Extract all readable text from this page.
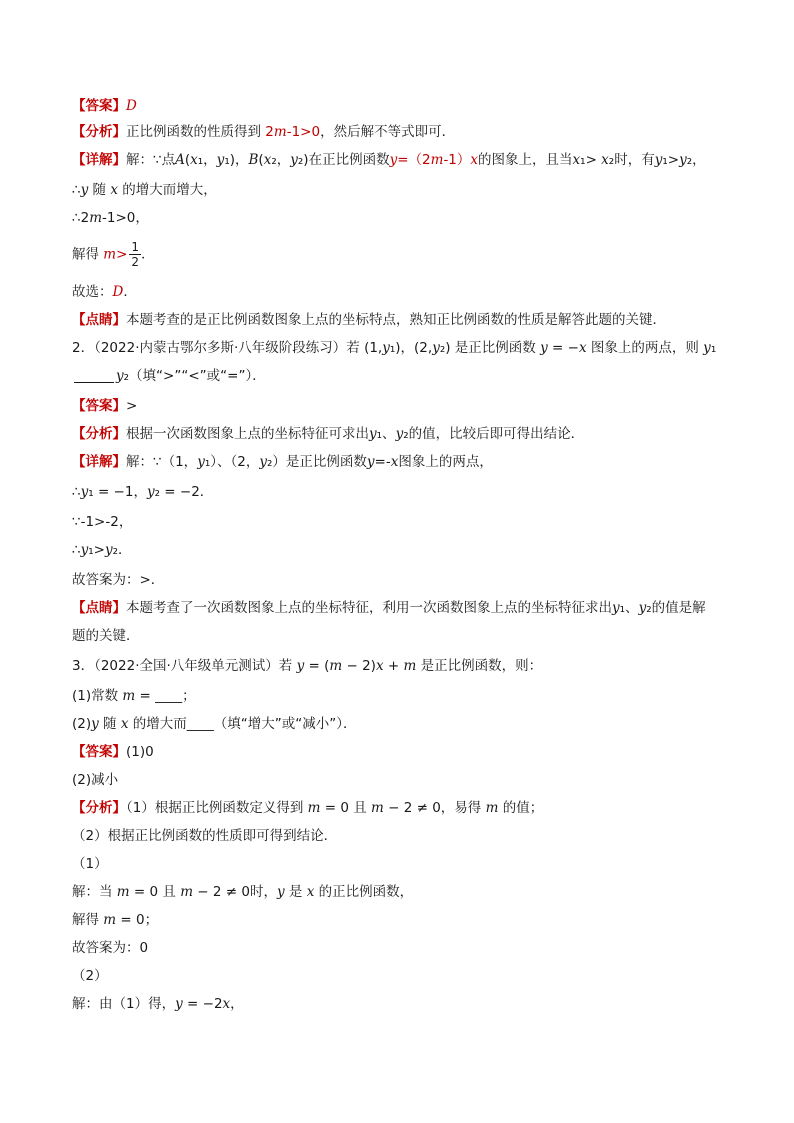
【答案】D
【分析】正比例函数的性质得到 2m-1>0，然后解不等式即可．
【详解】解：∵点A(x₁，y₁)，B(x₂，y₂)在正比例函数y=（2m-1）x的图象上，且当x₁> x₂时，有y₁>y₂，
∴y 随 x 的增大而增大，
∴2m-1>0，
解得 $m> \frac{1}{2}$ ．
故选：D．
【点睛】本题考查的是正比例函数图象上点的坐标特点，熟知正比例函数的性质是解答此题的关键．
2．（2022·内蒙古鄂尔多斯·八年级阶段练习）若 (1,y₁)，(2,y₂) 是正比例函数 y = −x 图象上的两点，则 y₁
y₂（填“>”“<”或“=”）．
【答案】>
【分析】根据一次函数图象上点的坐标特征可求出y₁、y₂的值，比较后即可得出结论．
【详解】解：∵（1，y₁）、（2，y₂）是正比例函数y=-x图象上的两点，
∴y₁ = −1，y₂ = −2．
∵-1>-2，
∴y₁>y₂．
故答案为：>．
【点睛】本题考查了一次函数图象上点的坐标特征，利用一次函数图象上点的坐标特征求出y₁、y₂的值是解
题的关键．
3．（2022·全国·八年级单元测试）若 y = (m − 2)x + m 是正比例函数，则：
(1)常数 m = ____；
(2)y 随 x 的增大而____（填“增大”或“减小”）．
【答案】(1)0
(2)减小
【分析】（1）根据正比例函数定义得到 m = 0 且 m − 2 ≠ 0，易得 m 的值；
（2）根据正比例函数的性质即可得到结论．
（1）
解：当 m = 0 且 m − 2 ≠ 0时，y 是 x 的正比例函数，
解得 m = 0；
故答案为：0
（2）
解：由（1）得，y = −2x，
